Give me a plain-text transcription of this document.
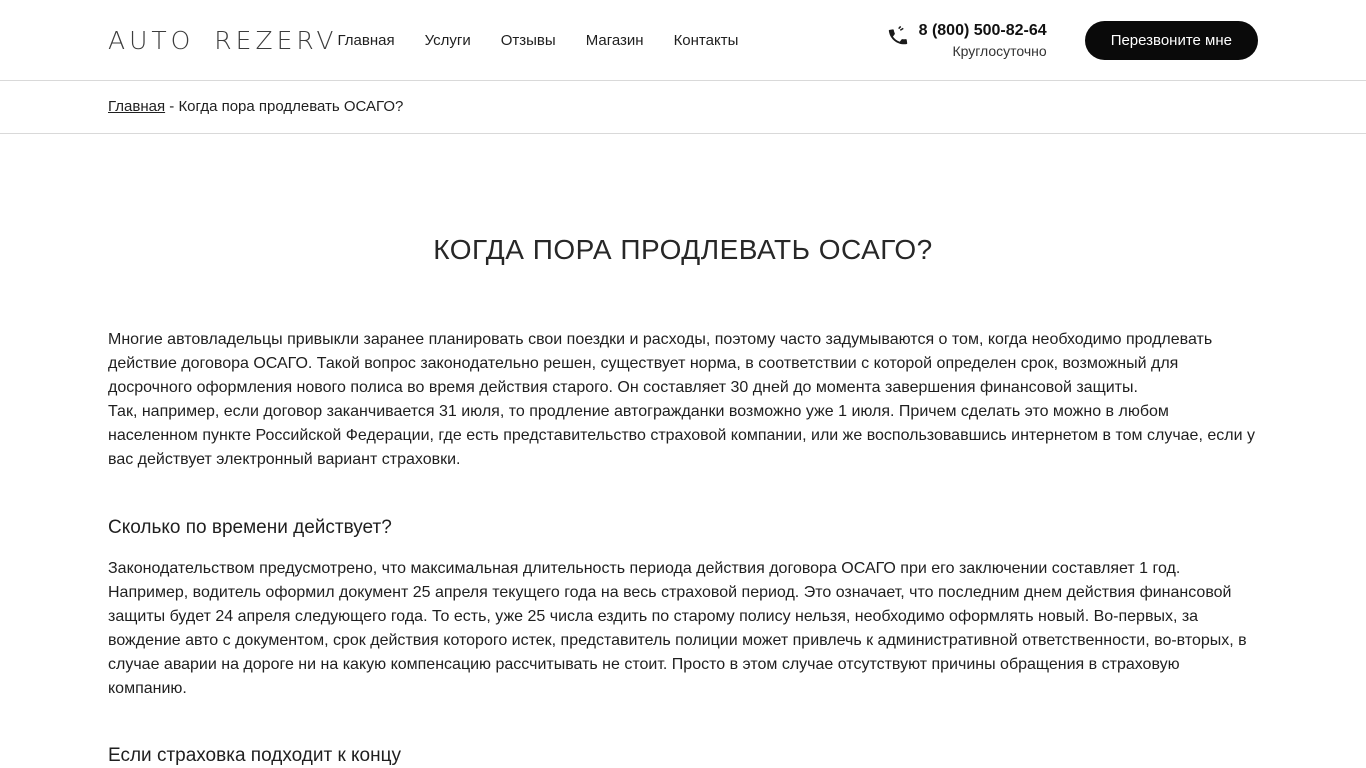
AUTO REZERV Главная Услуги Отзывы Магазин Контакты
8 (800) 500-82-64
Круглосуточно
Перезвоните мне
Главная - Когда пора продлевать ОСАГО?
КОГДА ПОРА ПРОДЛЕВАТЬ ОСАГО?

Многие автовладельцы привыкли заранее планировать свои поездки и расходы, поэтому часто задумываются о том, когда необходимо продлевать действие договора ОСАГО. Такой вопрос законодательно решен, существует норма, в соответствии с которой определен срок, возможный для досрочного оформления нового полиса во время действия старого. Он составляет 30 дней до момента завершения финансовой защиты.

Так, например, если договор заканчивается 31 июля, то продление автогражданки возможно уже 1 июля. Причем сделать это можно в любом населенном пункте Российской Федерации, где есть представительство страховой компании, или же воспользовавшись интернетом в том случае, если у вас действует электронный вариант страховки.

Сколько по времени действует?

Законодательством предусмотрено, что максимальная длительность периода действия договора ОСАГО при его заключении составляет 1 год. Например, водитель оформил документ 25 апреля текущего года на весь страховой период. Это означает, что последним днем действия финансовой защиты будет 24 апреля следующего года. То есть, уже 25 числа ездить по старому полису нельзя, необходимо оформлять новый. Во-первых, за вождение авто с документом, срок действия которого истек, представитель полиции может привлечь к административной ответственности, во-вторых, в случае аварии на дороге ни на какую компенсацию рассчитывать не стоит. Просто в этом случае отсутствуют причины обращения в страховую компанию.

Если страховка подходит к концу
